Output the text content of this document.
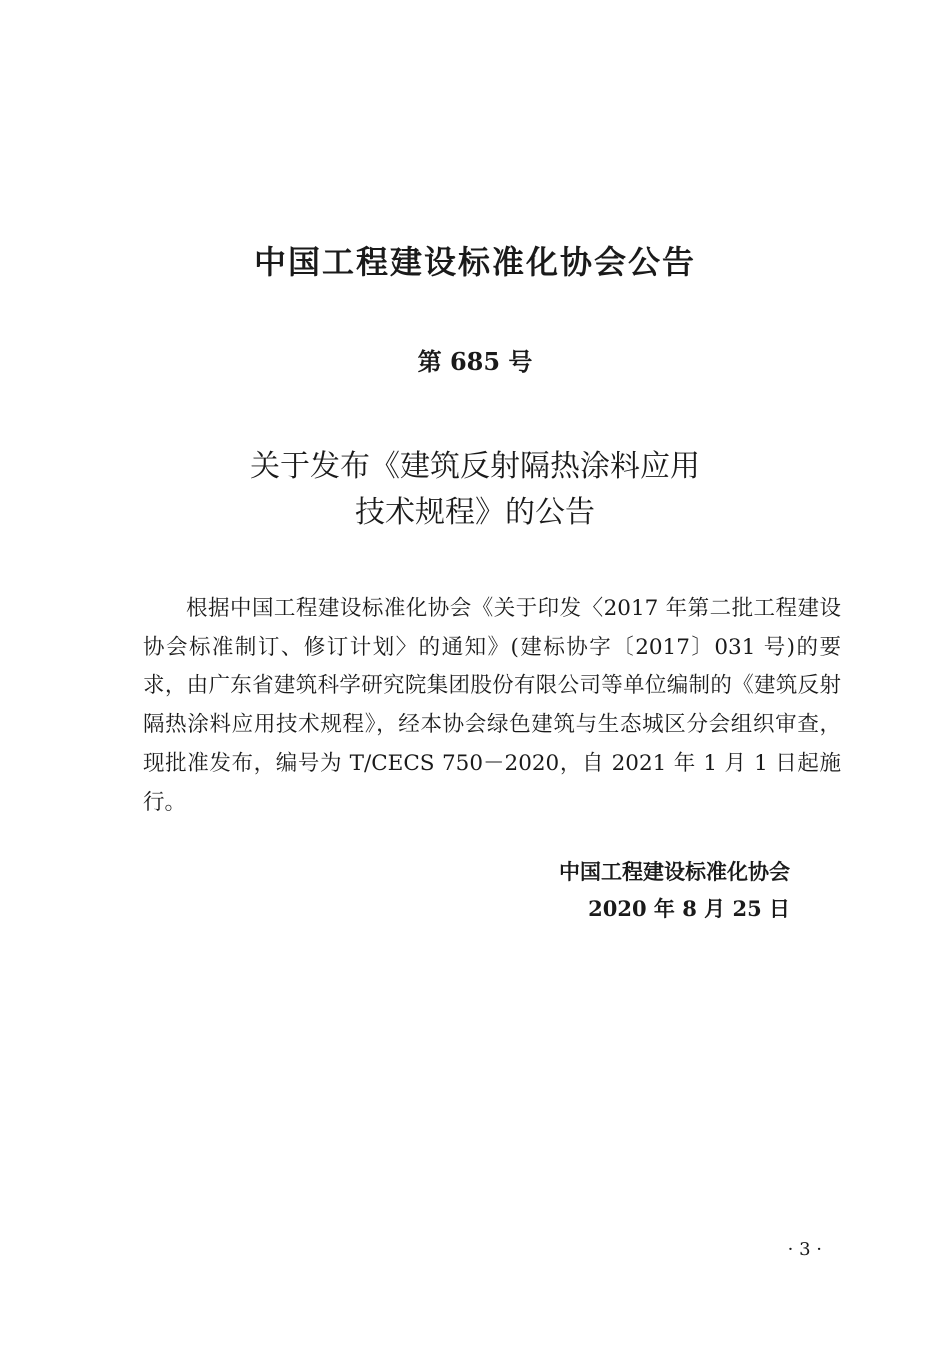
中国工程建设标准化协会公告
第 685 号
关于发布《建筑反射隔热涂料应用
技术规程》的公告

根据中国工程建设标准化协会《关于印发〈2017 年第二批工程建设协会标准制订、修订计划〉的通知》(建标协字〔2017〕031 号)的要求，由广东省建筑科学研究院集团股份有限公司等单位编制的《建筑反射隔热涂料应用技术规程》，经本协会绿色建筑与生态城区分会组织审查，现批准发布，编号为 T/CECS 750－2020，自 2021 年 1 月 1 日起施行。

中国工程建设标准化协会

2020 年 8 月 25 日

· 3 ·
